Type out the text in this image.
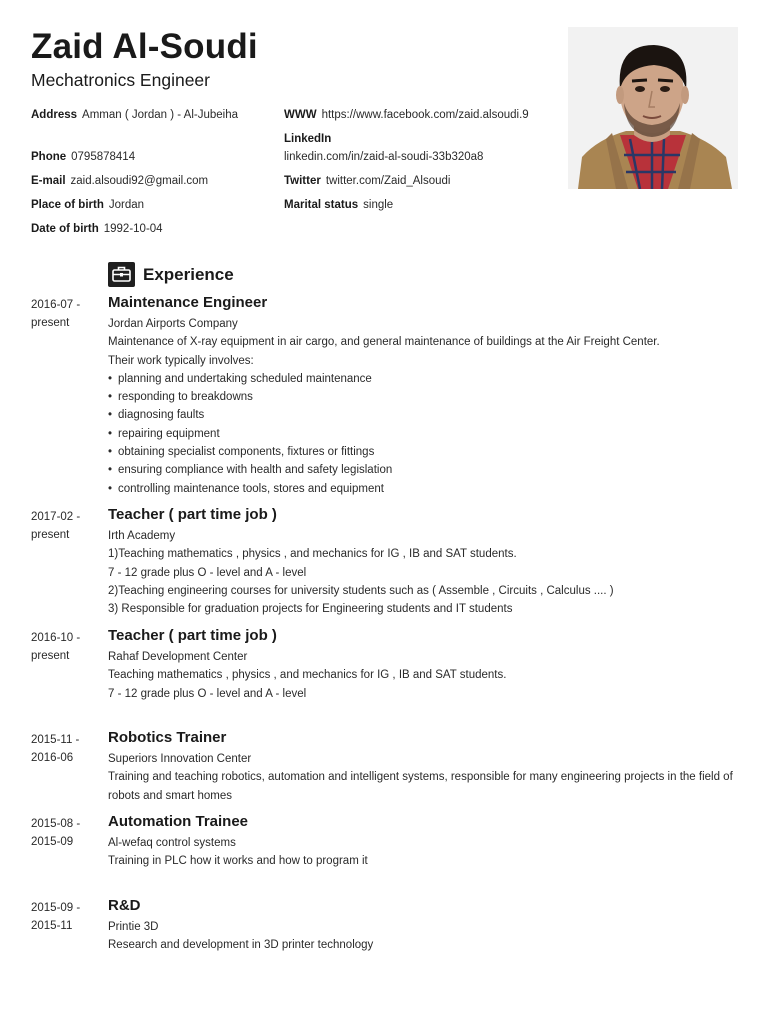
Zaid Al-Soudi
Mechatronics Engineer
Address Amman ( Jordan ) - Al-Jubeiha	WWW https://www.facebook.com/zaid.alsoudi.9
LinkedIn
linkedin.com/in/zaid-al-soudi-33b320a8
Phone 0795878414
E-mail zaid.alsoudi92@gmail.com	Twitter twitter.com/Zaid_Alsoudi
Place of birth Jordan	Marital status single
Date of birth 1992-10-04
Experience
2016-07 -
present
Maintenance Engineer
Jordan Airports Company
Maintenance of X-ray equipment in air cargo, and general maintenance of buildings at the Air Freight Center.
Their work typically involves:
• planning and undertaking scheduled maintenance
• responding to breakdowns
• diagnosing faults
• repairing equipment
• obtaining specialist components, fixtures or fittings
• ensuring compliance with health and safety legislation
• controlling maintenance tools, stores and equipment
2017-02 -
present
Teacher ( part time job )
Irth Academy
1)Teaching mathematics , physics , and mechanics for IG , IB and SAT students.
7 - 12 grade plus O - level and A - level
2)Teaching engineering courses for university students such as ( Assemble , Circuits , Calculus .... )
3) Responsible for graduation projects for Engineering students and IT students
2016-10 -
present
Teacher ( part time job )
Rahaf Development Center
Teaching mathematics , physics , and mechanics for IG , IB and SAT students.
7 - 12 grade plus O - level and A - level
2015-11 -
2016-06
Robotics Trainer
Superiors Innovation Center
Training and teaching robotics, automation and intelligent systems, responsible for many engineering projects in the field of robots and smart homes
2015-08 -
2015-09
Automation Trainee
Al-wefaq control systems
Training in PLC how it works and how to program it
2015-09 -
2015-11
R&D
Printie 3D
Research and development in 3D printer technology
